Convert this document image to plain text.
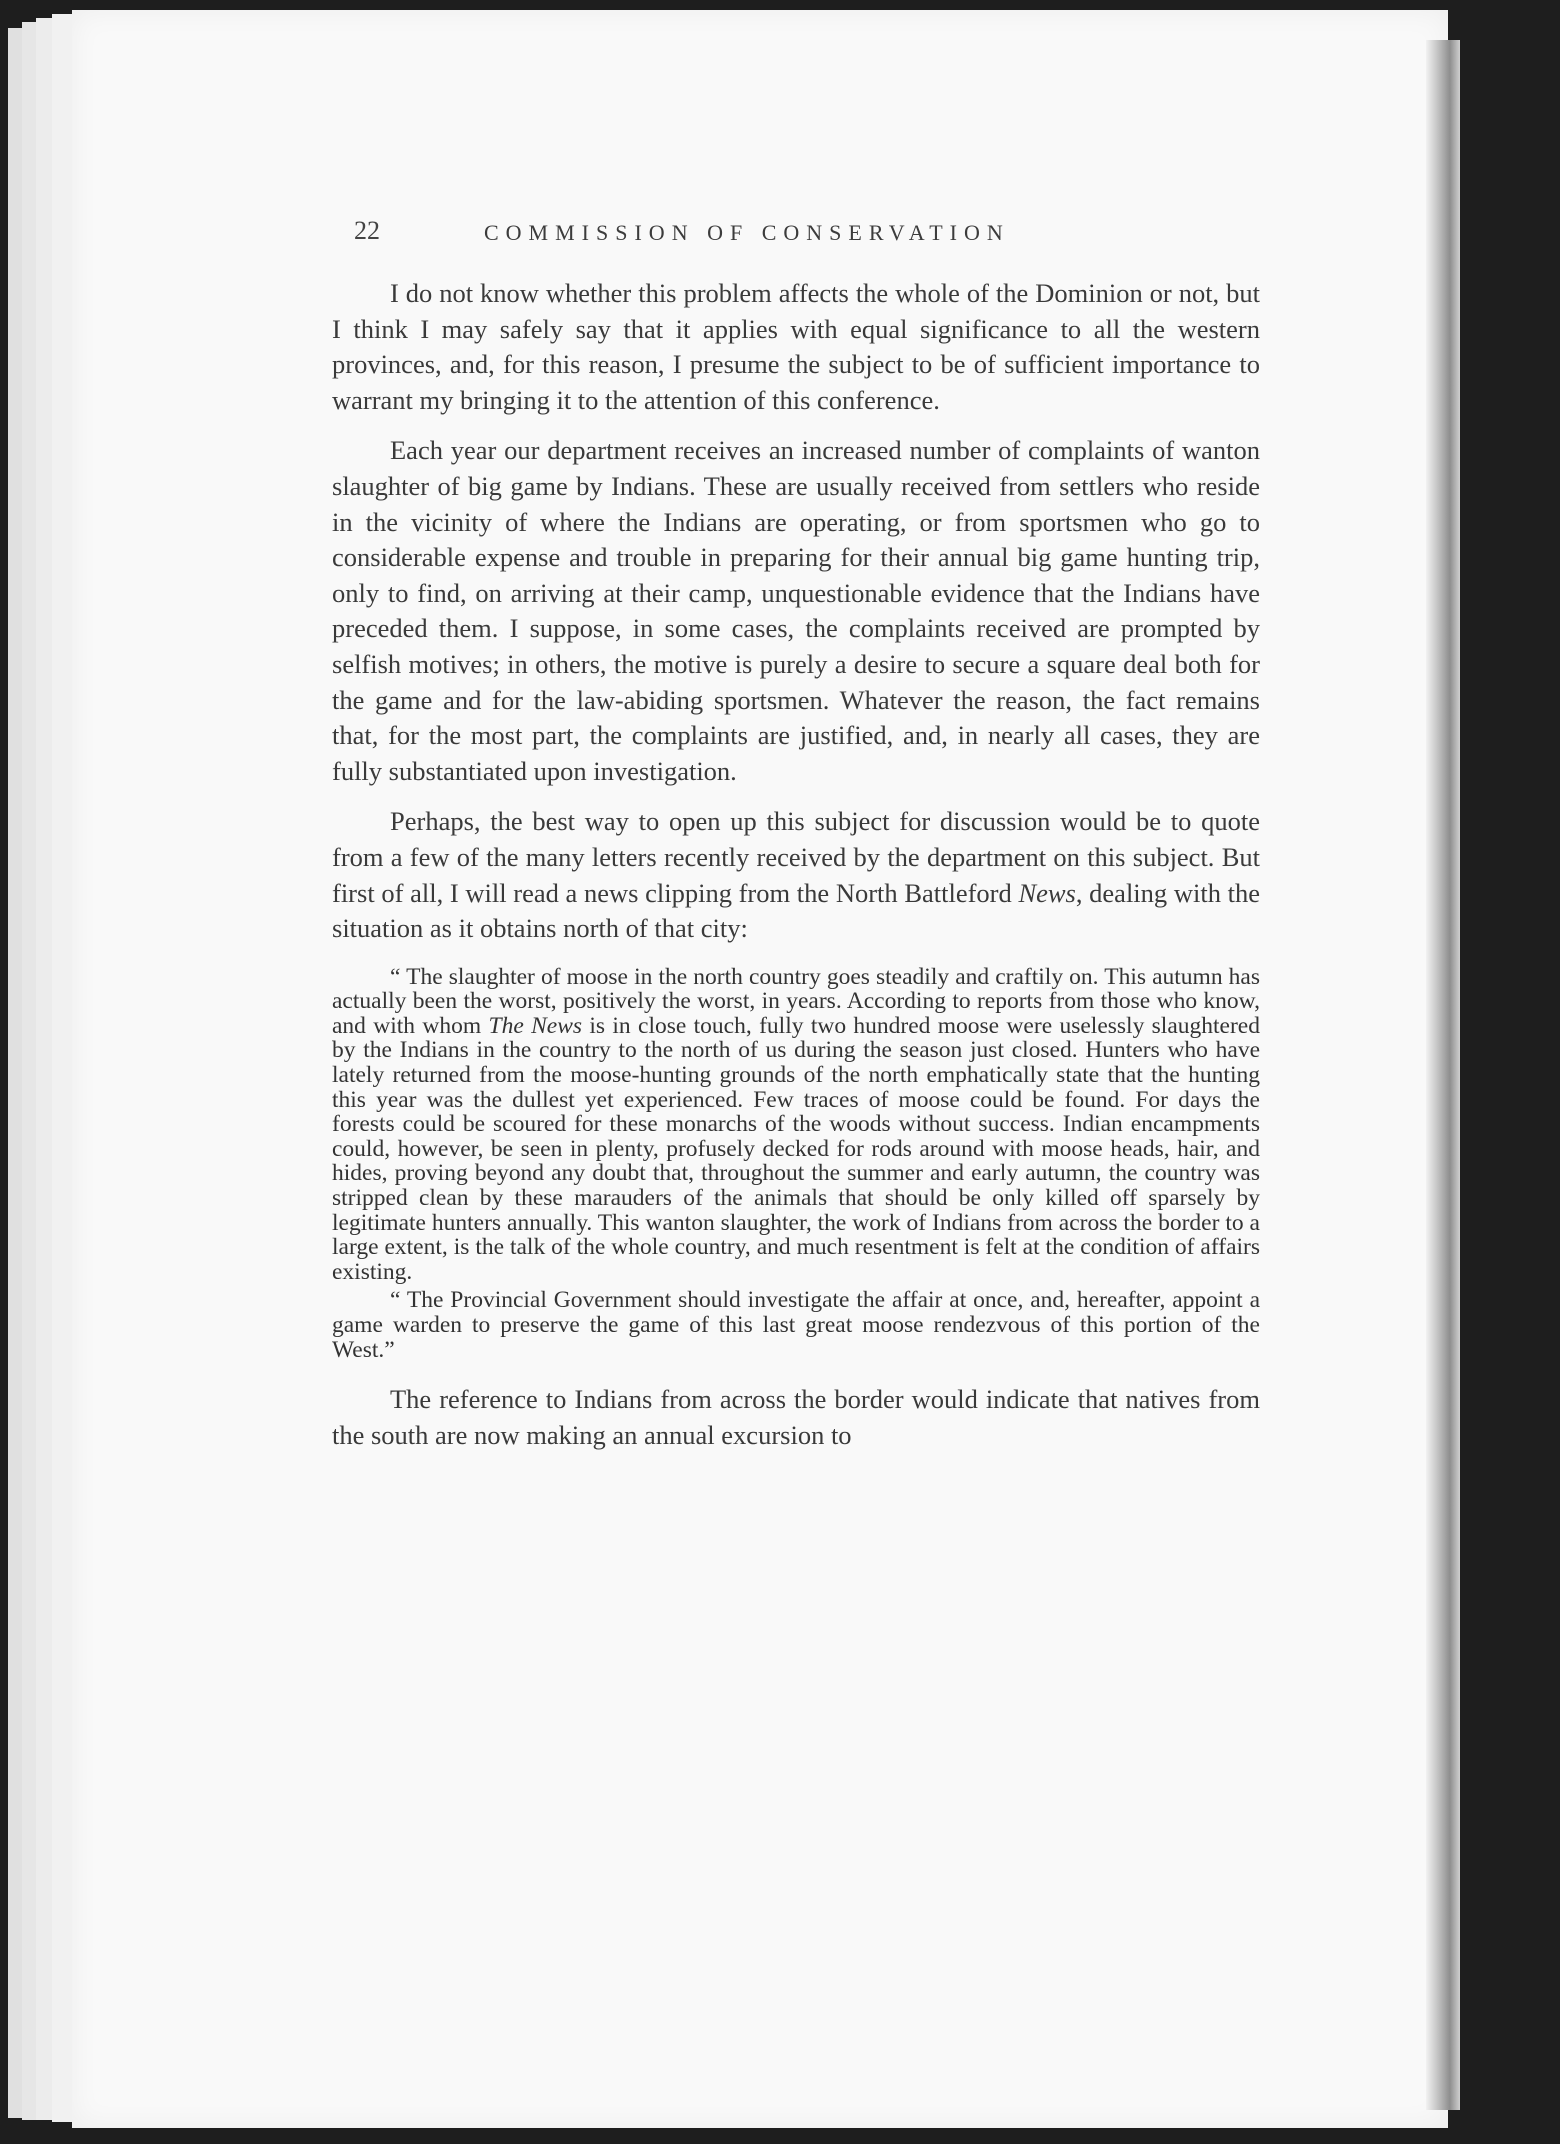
22	COMMISSION OF CONSERVATION

I do not know whether this problem affects the whole of the Dominion or not, but I think I may safely say that it applies with equal significance to all the western provinces, and, for this reason, I presume the subject to be of sufficient importance to warrant my bringing it to the attention of this conference.

Each year our department receives an increased number of complaints of wanton slaughter of big game by Indians. These are usually received from settlers who reside in the vicinity of where the Indians are operating, or from sportsmen who go to considerable expense and trouble in preparing for their annual big game hunting trip, only to find, on arriving at their camp, unquestionable evidence that the Indians have preceded them. I suppose, in some cases, the complaints received are prompted by selfish motives; in others, the motive is purely a desire to secure a square deal both for the game and for the law-abiding sportsmen. Whatever the reason, the fact remains that, for the most part, the complaints are justified, and, in nearly all cases, they are fully substantiated upon investigation.

Perhaps, the best way to open up this subject for discussion would be to quote from a few of the many letters recently received by the department on this subject. But first of all, I will read a news clipping from the North Battleford News, dealing with the situation as it obtains north of that city:

“ The slaughter of moose in the north country goes steadily and craftily on. This autumn has actually been the worst, positively the worst, in years. According to reports from those who know, and with whom The News is in close touch, fully two hundred moose were uselessly slaughtered by the Indians in the country to the north of us during the season just closed. Hunters who have lately returned from the moose-hunting grounds of the north emphatically state that the hunting this year was the dullest yet experienced. Few traces of moose could be found. For days the forests could be scoured for these monarchs of the woods without success. Indian encampments could, however, be seen in plenty, profusely decked for rods around with moose heads, hair, and hides, proving beyond any doubt that, throughout the summer and early autumn, the country was stripped clean by these marauders of the animals that should be only killed off sparsely by legitimate hunters annually. This wanton slaughter, the work of Indians from across the border to a large extent, is the talk of the whole country, and much resentment is felt at the condition of affairs existing.

“ The Provincial Government should investigate the affair at once, and, hereafter, appoint a game warden to preserve the game of this last great moose rendezvous of this portion of the West.”

The reference to Indians from across the border would indicate that natives from the south are now making an annual excursion to
